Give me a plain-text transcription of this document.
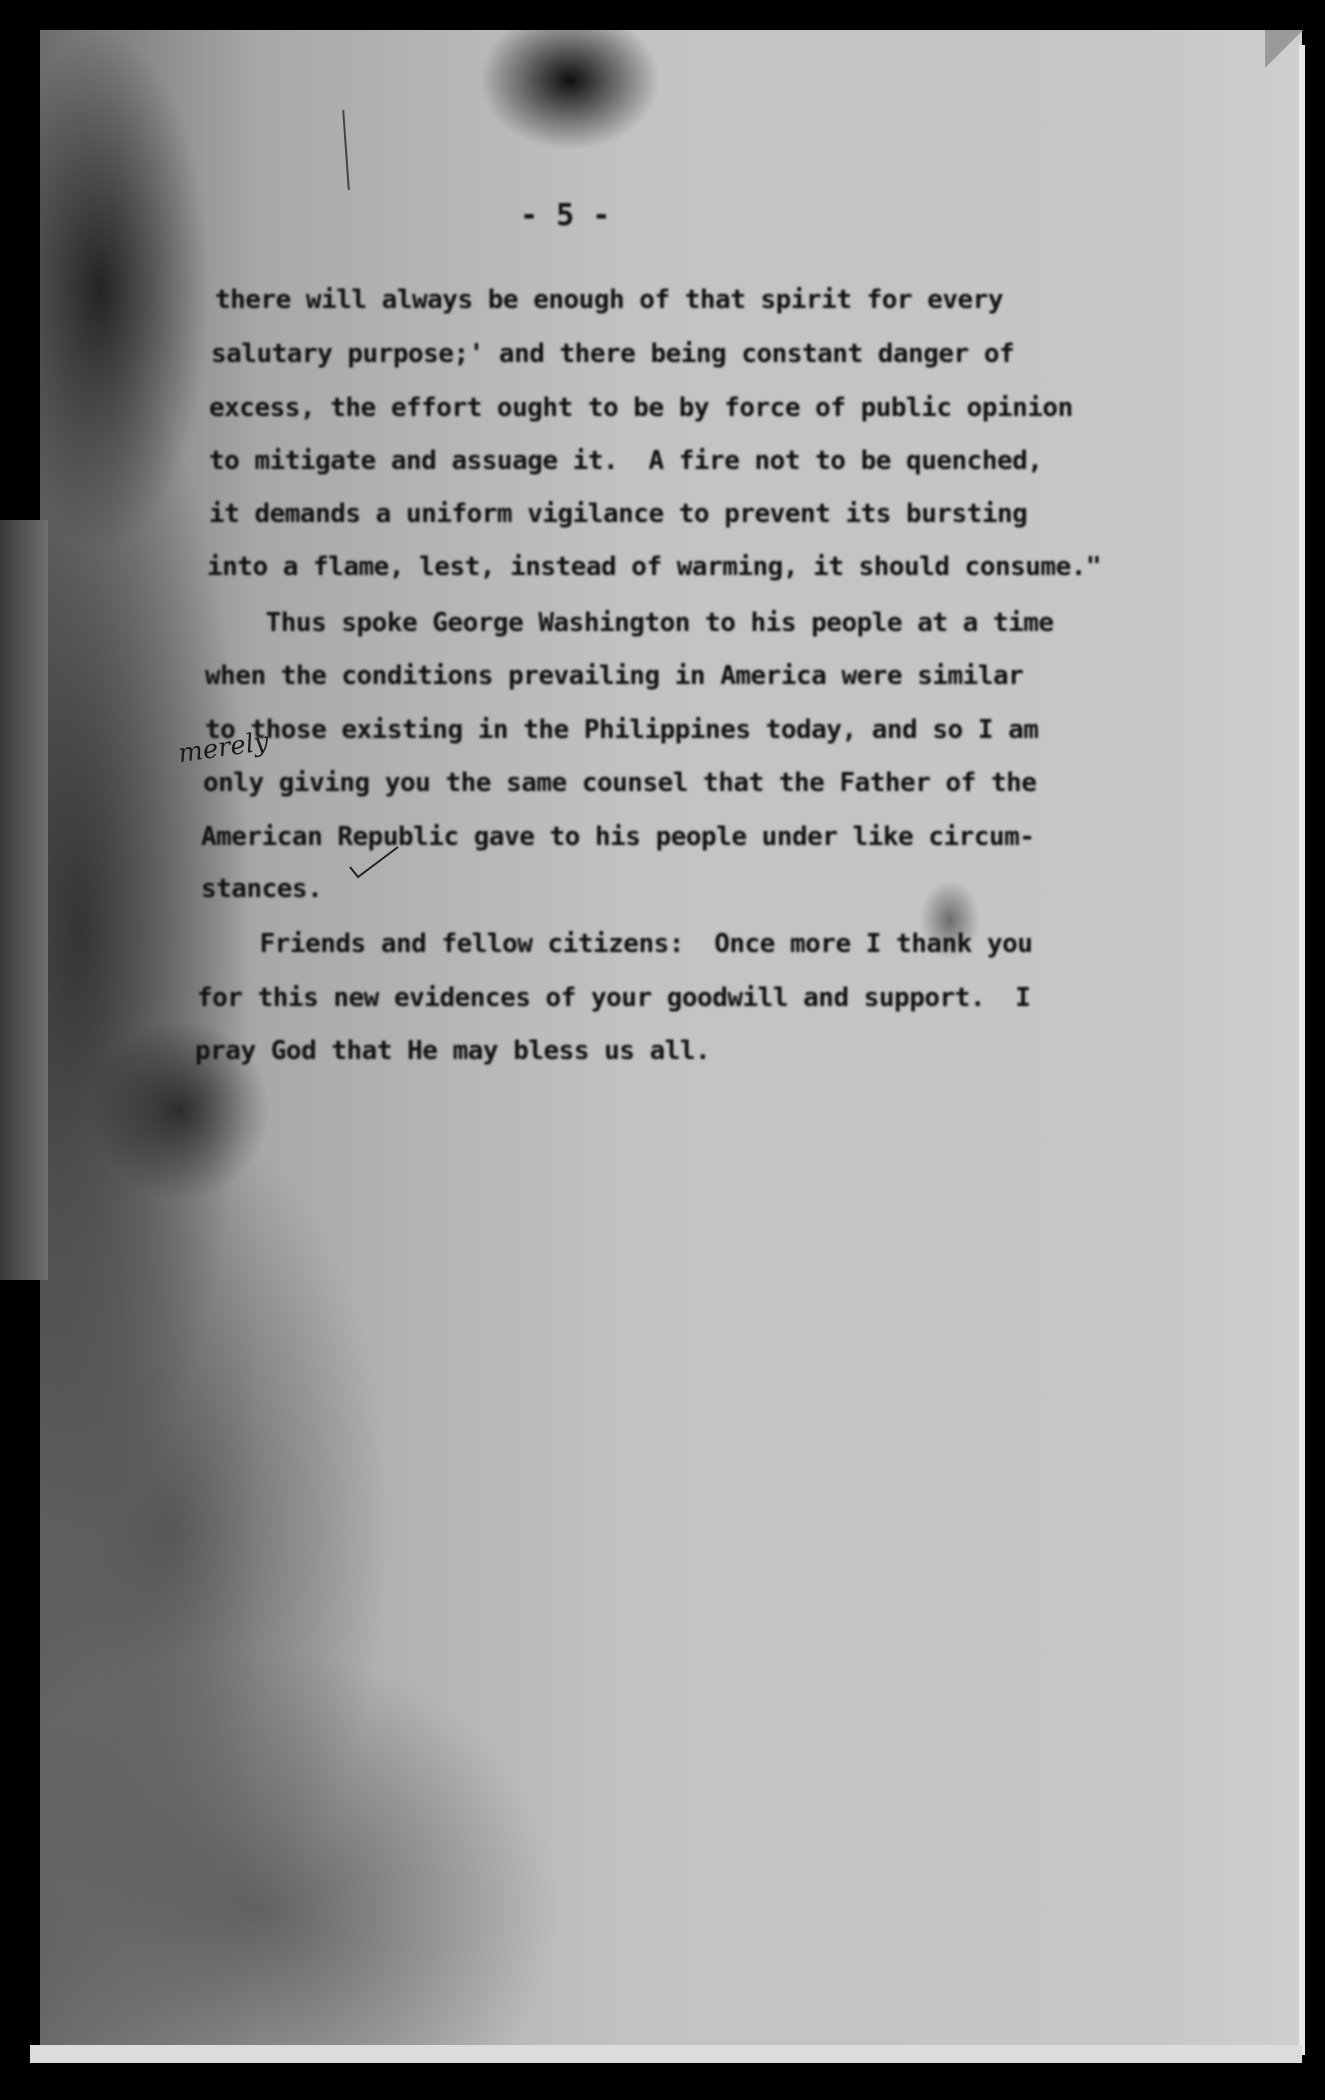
- 5 -
there will always be enough of that spirit for every
salutary purpose;' and there being constant danger of
excess, the effort ought to be by force of public opinion
to mitigate and assuage it.  A fire not to be quenched,
it demands a uniform vigilance to prevent its bursting
into a flame, lest, instead of warming, it should consume."
Thus spoke George Washington to his people at a time
when the conditions prevailing in America were similar
to those existing in the Philippines today, and so I am
only giving you the same counsel that the Father of the
American Republic gave to his people under like circum-
stances.
Friends and fellow citizens:  Once more I thank you
for this new evidences of your goodwill and support.  I
pray God that He may bless us all.
merely
